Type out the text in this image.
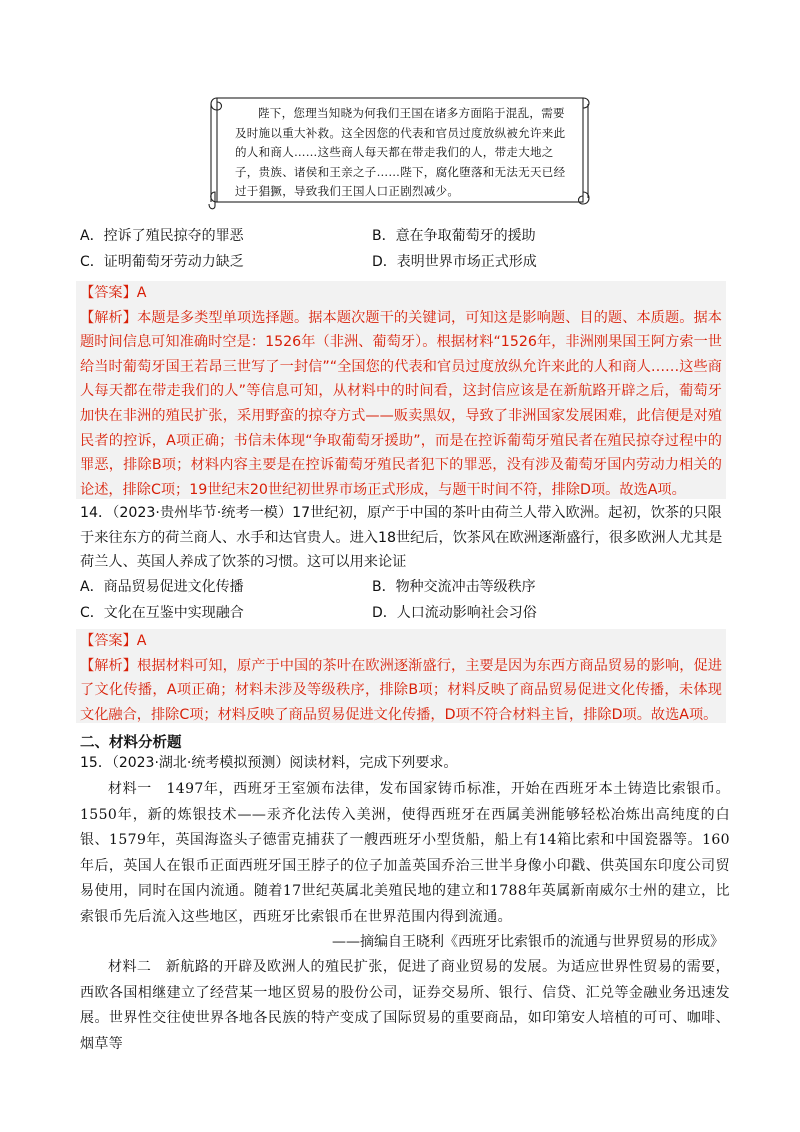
陛下，您理当知晓为何我们王国在诸多方面陷于混乱，需要及时施以重大补救。这全因您的代表和官员过度放纵被允许来此的人和商人……这些商人每天都在带走我们的人，带走大地之子，贵族、诸侯和王亲之子……陛下，腐化堕落和无法无天已经过于猖獗，导致我们王国人口正剧烈减少。
A．控诉了殖民掠夺的罪恶	B．意在争取葡萄牙的援助
C．证明葡萄牙劳动力缺乏	D．表明世界市场正式形成

【答案】A

【解析】本题是多类型单项选择题。据本题次题干的关键词，可知这是影响题、目的题、本质题。据本题时间信息可知准确时空是：1526年（非洲、葡萄牙）。根据材料“1526年，非洲刚果国王阿方索一世给当时葡萄牙国王若昂三世写了一封信”“全国您的代表和官员过度放纵允许来此的人和商人……这些商人每天都在带走我们的人”等信息可知，从材料中的时间看，这封信应该是在新航路开辟之后，葡萄牙加快在非洲的殖民扩张，采用野蛮的掠夺方式——贩卖黑奴，导致了非洲国家发展困难，此信便是对殖民者的控诉，A项正确；书信未体现“争取葡萄牙援助”，而是在控诉葡萄牙殖民者在殖民掠夺过程中的罪恶，排除B项；材料内容主要是在控诉葡萄牙殖民者犯下的罪恶，没有涉及葡萄牙国内劳动力相关的论述，排除C项；19世纪末20世纪初世界市场正式形成，与题干时间不符，排除D项。故选A项。

14．（2023·贵州毕节·统考一模）17世纪初，原产于中国的茶叶由荷兰人带入欧洲。起初，饮茶的只限于来往东方的荷兰商人、水手和达官贵人。进入18世纪后，饮茶风在欧洲逐渐盛行，很多欧洲人尤其是荷兰人、英国人养成了饮茶的习惯。这可以用来论证

A．商品贸易促进文化传播	B．物种交流冲击等级秩序
C．文化在互鉴中实现融合	D．人口流动影响社会习俗

【答案】A

【解析】根据材料可知，原产于中国的茶叶在欧洲逐渐盛行，主要是因为东西方商品贸易的影响，促进了文化传播，A项正确；材料未涉及等级秩序，排除B项；材料反映了商品贸易促进文化传播，未体现文化融合，排除C项；材料反映了商品贸易促进文化传播，D项不符合材料主旨，排除D项。故选A项。

二、材料分析题
15．（2023·湖北·统考模拟预测）阅读材料，完成下列要求。

材料一　1497年，西班牙王室颁布法律，发布国家铸币标准，开始在西班牙本土铸造比索银币。1550年，新的炼银技术——汞齐化法传入美洲，使得西班牙在西属美洲能够轻松冶炼出高纯度的白银、1579年，英国海盗头子德雷克捕获了一艘西班牙小型货船，船上有14箱比索和中国瓷器等。160年后，英国人在银币正面西班牙国王脖子的位子加盖英国乔治三世半身像小印戳、供英国东印度公司贸易使用，同时在国内流通。随着17世纪英属北美殖民地的建立和1788年英属新南威尔士州的建立，比索银币先后流入这些地区，西班牙比索银币在世界范围内得到流通。

——摘编自王晓利《西班牙比索银币的流通与世界贸易的形成》

材料二　新航路的开辟及欧洲人的殖民扩张，促进了商业贸易的发展。为适应世界性贸易的需要，西欧各国相继建立了经营某一地区贸易的股份公司，证券交易所、银行、信贷、汇兑等金融业务迅速发展。世界性交往使世界各地各民族的特产变成了国际贸易的重要商品，如印第安人培植的可可、咖啡、烟草等
